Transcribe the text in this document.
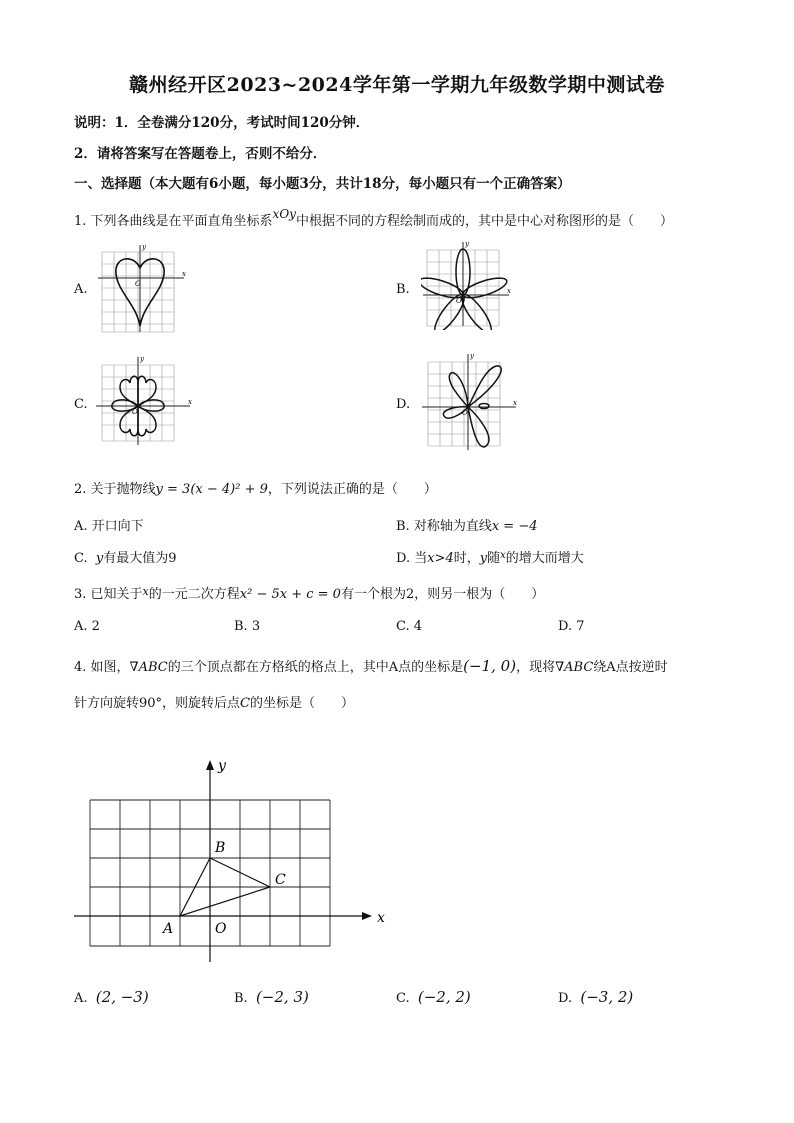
赣州经开区2023~2024学年第一学期九年级数学期中测试卷
说明：1．全卷满分120分，考试时间120分钟．
2．请将答案写在答题卷上，否则不给分．
一、选择题（本大题有6小题，每小题3分，共计18分，每小题只有一个正确答案）
1. 下列各曲线是在平面直角坐标系xOy中根据不同的方程绘制而成的，其中是中心对称图形的是（　　）
A.	B.
C.	D.
x
y
O
x
y
O
x
y
O
x
y
O
2. 关于抛物线y = 3(x − 4)² + 9，下列说法正确的是（　　）
A. 开口向下	B. 对称轴为直线x = −4
C. y有最大值为9	D. 当x>4时，y随$^x$的增大而增大
3. 已知关于$^x$的一元二次方程x² − 5x + c = 0有一个根为2，则另一根为（　　）
A. 2	B. 3	C. 4	D. 7
4. 如图，∇ABC的三个顶点都在方格纸的格点上，其中A点的坐标是(−1, 0)，现将∇ABC绕A点按逆时
针方向旋转90°，则旋转后点C的坐标是（　　）
x
y
A
B
C
O
A. (2, −3)	B. (−2, 3)	C. (−2, 2)	D. (−3, 2)
